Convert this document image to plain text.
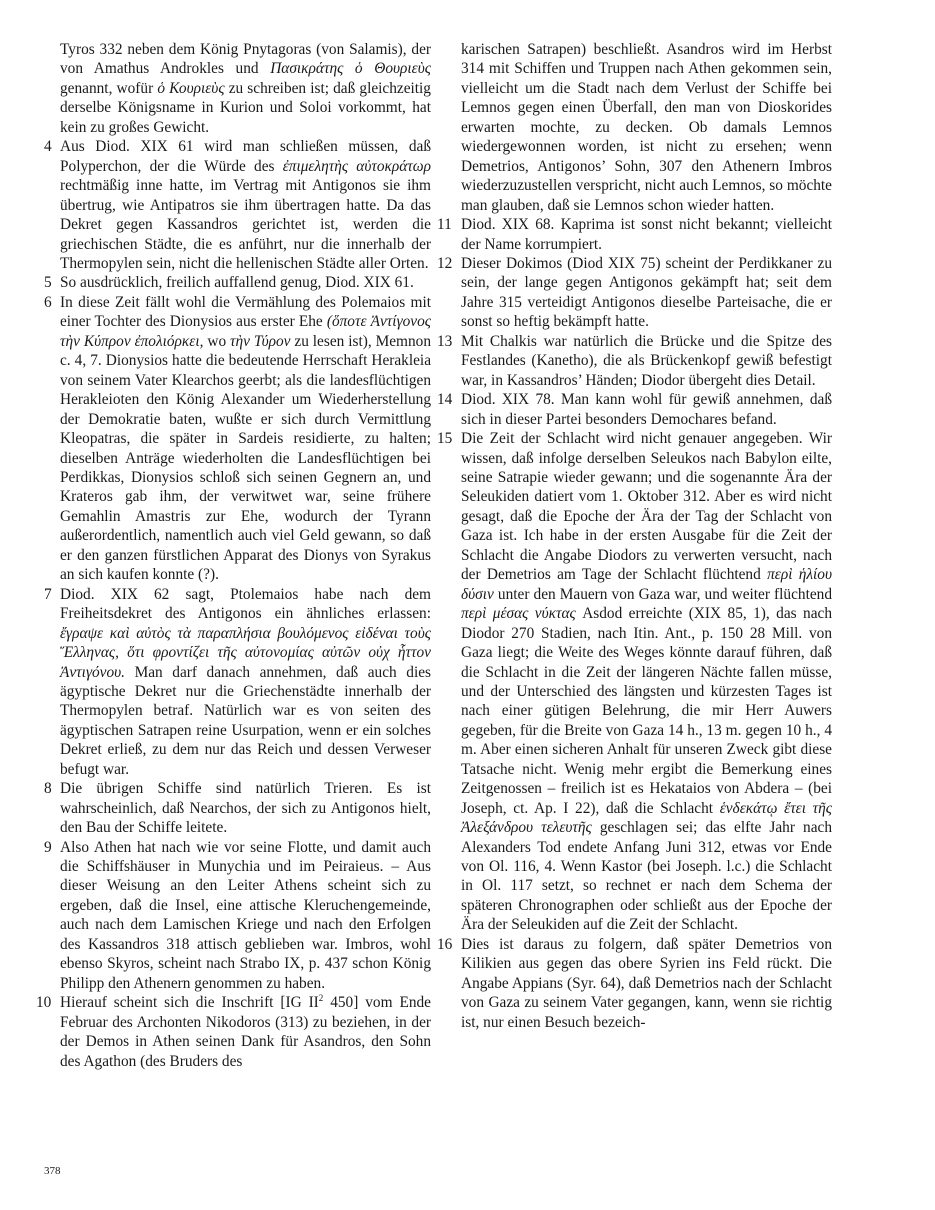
Tyros 332 neben dem König Pnytagoras (von Salamis), der von Amathus Androkles und Πασικράτης ὁ Θουριεὺς genannt, wofür ὁ Κουριεὺς zu schreiben ist; daß gleichzeitig derselbe Königsname in Kurion und Soloi vorkommt, hat kein zu großes Gewicht.

4 Aus Diod. XIX 61 wird man schließen müssen, daß Polyperchon, der die Würde des ἐπιμελητὴς αὐτοκράτωρ rechtmäßig inne hatte, im Vertrag mit Antigonos sie ihm übertrug, wie Antipatros sie ihm übertragen hatte. Da das Dekret gegen Kassandros gerichtet ist, werden die griechischen Städte, die es anführt, nur die innerhalb der Thermopylen sein, nicht die hellenischen Städte aller Orten.

5 So ausdrücklich, freilich auffallend genug, Diod. XIX 61.

6 In diese Zeit fällt wohl die Vermählung des Polemaios mit einer Tochter des Dionysios aus erster Ehe (ὅποτε Ἀντίγονος τὴν Κύπρον ἐπολιόρκει, wo τὴν Τύρον zu lesen ist), Memnon c. 4, 7. Dionysios hatte die bedeutende Herrschaft Herakleia von seinem Vater Klearchos geerbt; als die landesflüchtigen Herakleioten den König Alexander um Wiederherstellung der Demokratie baten, wußte er sich durch Vermittlung Kleopatras, die später in Sardeis residierte, zu halten; dieselben Anträge wiederholten die Landesflüchtigen bei Perdikkas, Dionysios schloß sich seinen Gegnern an, und Krateros gab ihm, der verwitwet war, seine frühere Gemahlin Amastris zur Ehe, wodurch der Tyrann außerordentlich, namentlich auch viel Geld gewann, so daß er den ganzen fürstlichen Apparat des Dionys von Syrakus an sich kaufen konnte (?).

7 Diod. XIX 62 sagt, Ptolemaios habe nach dem Freiheitsdekret des Antigonos ein ähnliches erlassen: ἔγραψε καὶ αὐτὸς τὰ παραπλήσια βουλόμενος εἰδέναι τοὺς Ἕλληνας, ὅτι φροντίζει τῆς αὐτονομίας αὐτῶν οὐχ ἧττον Ἀντιγόνου. Man darf danach annehmen, daß auch dies ägyptische Dekret nur die Griechenstädte innerhalb der Thermopylen betraf. Natürlich war es von seiten des ägyptischen Satrapen reine Usurpation, wenn er ein solches Dekret erließ, zu dem nur das Reich und dessen Verweser befugt war.

8 Die übrigen Schiffe sind natürlich Trieren. Es ist wahrscheinlich, daß Nearchos, der sich zu Antigonos hielt, den Bau der Schiffe leitete.

9 Also Athen hat nach wie vor seine Flotte, und damit auch die Schiffshäuser in Munychia und im Peiraieus. – Aus dieser Weisung an den Leiter Athens scheint sich zu ergeben, daß die Insel, eine attische Kleruchengemeinde, auch nach dem Lamischen Kriege und nach den Erfolgen des Kassandros 318 attisch geblieben war. Imbros, wohl ebenso Skyros, scheint nach Strabo IX, p. 437 schon König Philipp den Athenern genommen zu haben.

10 Hierauf scheint sich die Inschrift [IG $II^2$ 450] vom Ende Februar des Archonten Nikodoros (313) zu beziehen, in der der Demos in Athen seinen Dank für Asandros, den Sohn des Agathon (des Bruders des

karischen Satrapen) beschließt. Asandros wird im Herbst 314 mit Schiffen und Truppen nach Athen gekommen sein, vielleicht um die Stadt nach dem Verlust der Schiffe bei Lemnos gegen einen Überfall, den man von Dioskorides erwarten mochte, zu decken. Ob damals Lemnos wiedergewonnen worden, ist nicht zu ersehen; wenn Demetrios, Antigonos’ Sohn, 307 den Athenern Imbros wiederzuzustellen verspricht, nicht auch Lemnos, so möchte man glauben, daß sie Lemnos schon wieder hatten.

11 Diod. XIX 68. Kaprima ist sonst nicht bekannt; vielleicht der Name korrumpiert.

12 Dieser Dokimos (Diod XIX 75) scheint der Perdikkaner zu sein, der lange gegen Antigonos gekämpft hat; seit dem Jahre 315 verteidigt Antigonos dieselbe Parteisache, die er sonst so heftig bekämpft hatte.

13 Mit Chalkis war natürlich die Brücke und die Spitze des Festlandes (Kanetho), die als Brückenkopf gewiß befestigt war, in Kassandros’ Händen; Diodor übergeht dies Detail.

14 Diod. XIX 78. Man kann wohl für gewiß annehmen, daß sich in dieser Partei besonders Demochares befand.

15 Die Zeit der Schlacht wird nicht genauer angegeben. Wir wissen, daß infolge derselben Seleukos nach Babylon eilte, seine Satrapie wieder gewann; und die sogenannte Ära der Seleukiden datiert vom 1. Oktober 312. Aber es wird nicht gesagt, daß die Epoche der Ära der Tag der Schlacht von Gaza ist. Ich habe in der ersten Ausgabe für die Zeit der Schlacht die Angabe Diodors zu verwerten versucht, nach der Demetrios am Tage der Schlacht flüchtend περὶ ἡλίου δύσιν unter den Mauern von Gaza war, und weiter flüchtend περὶ μέσας νύκτας Asdod erreichte (XIX 85, 1), das nach Diodor 270 Stadien, nach Itin. Ant., p. 150 28 Mill. von Gaza liegt; die Weite des Weges könnte darauf führen, daß die Schlacht in die Zeit der längeren Nächte fallen müsse, und der Unterschied des längsten und kürzesten Tages ist nach einer gütigen Belehrung, die mir Herr Auwers gegeben, für die Breite von Gaza 14 h., 13 m. gegen 10 h., 4 m. Aber einen sicheren Anhalt für unseren Zweck gibt diese Tatsache nicht. Wenig mehr ergibt die Bemerkung eines Zeitgenossen – freilich ist es Hekataios von Abdera – (bei Joseph, ct. Ap. I 22), daß die Schlacht ἑνδεκάτῳ ἔτει τῆς Ἀλεξάνδρου τελευτῆς geschlagen sei; das elfte Jahr nach Alexanders Tod endete Anfang Juni 312, etwas vor Ende von Ol. 116, 4. Wenn Kastor (bei Joseph. l.c.) die Schlacht in Ol. 117 setzt, so rechnet er nach dem Schema der späteren Chronographen oder schließt aus der Epoche der Ära der Seleukiden auf die Zeit der Schlacht.

16 Dies ist daraus zu folgern, daß später Demetrios von Kilikien aus gegen das obere Syrien ins Feld rückt. Die Angabe Appians (Syr. 64), daß Demetrios nach der Schlacht von Gaza zu seinem Vater gegangen, kann, wenn sie richtig ist, nur einen Besuch bezeich-

378
